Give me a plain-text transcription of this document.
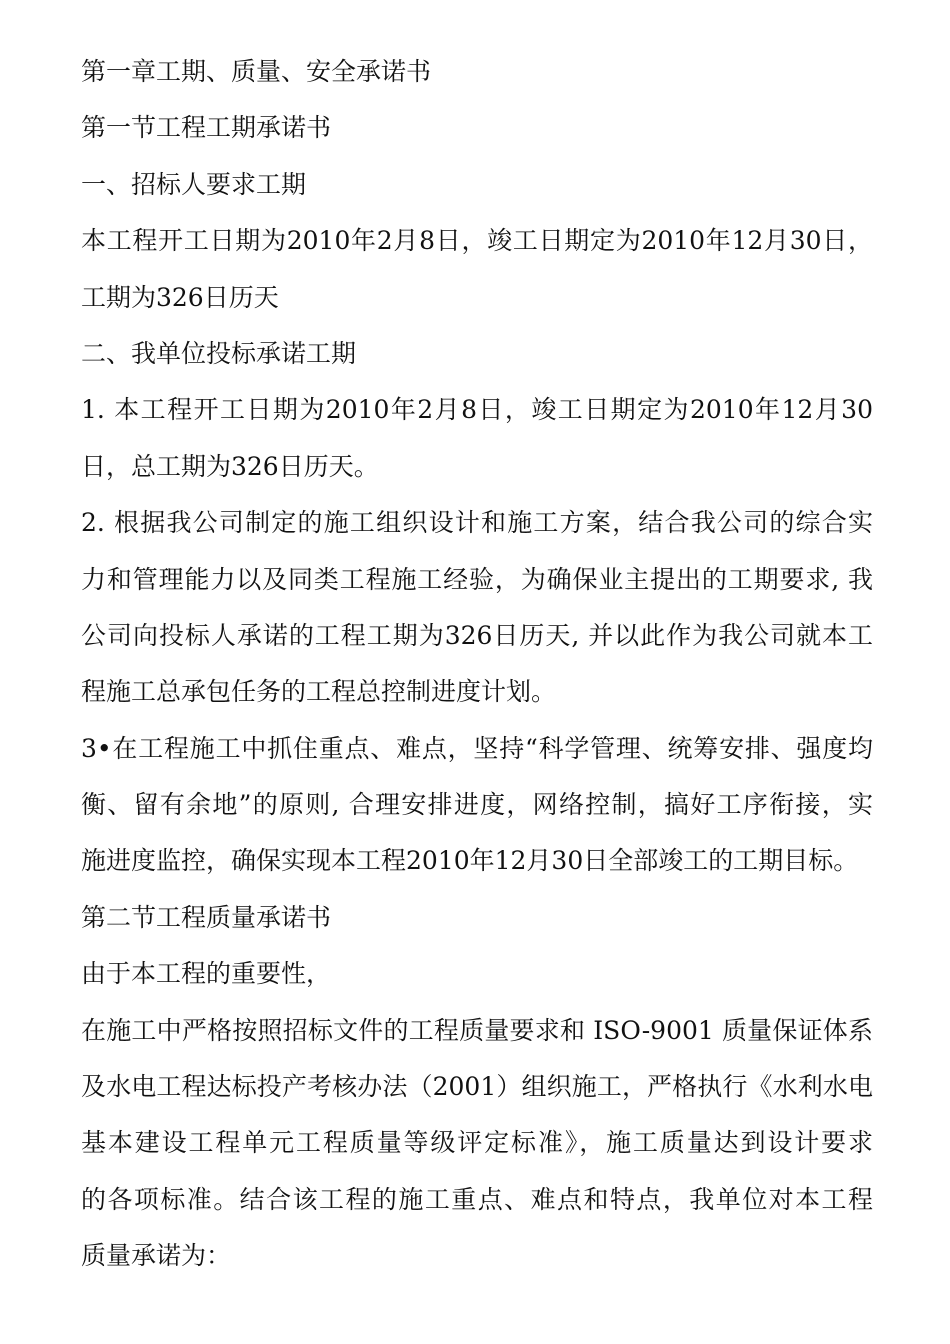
第一章工期、质量、安全承诺书
第一节工程工期承诺书
一、招标人要求工期
本工程开工日期为2010年2月8日，竣工日期定为2010年12月30日，
工期为326日历天
二、我单位投标承诺工期
1. 本工程开工日期为2010年2月8日，竣工日期定为2010年12月30
日，总工期为326日历天。
2. 根据我公司制定的施工组织设计和施工方案，结合我公司的综合实
力和管理能力以及同类工程施工经验，为确保业主提出的工期要求, 我
公司向投标人承诺的工程工期为326日历天, 并以此作为我公司就本工
程施工总承包任务的工程总控制进度计划。
3•在工程施工中抓住重点、难点，坚持“科学管理、统筹安排、强度均
衡、留有余地”的原则, 合理安排进度，网络控制，搞好工序衔接，实
施进度监控，确保实现本工程2010年12月30日全部竣工的工期目标。
第二节工程质量承诺书
由于本工程的重要性，
在施工中严格按照招标文件的工程质量要求和 ISO-9001 质量保证体系
及水电工程达标投产考核办法（2001）组织施工，严格执行《水利水电
基本建设工程单元工程质量等级评定标准》，施工质量达到设计要求
的各项标准。结合该工程的施工重点、难点和特点，我单位对本工程
质量承诺为：
